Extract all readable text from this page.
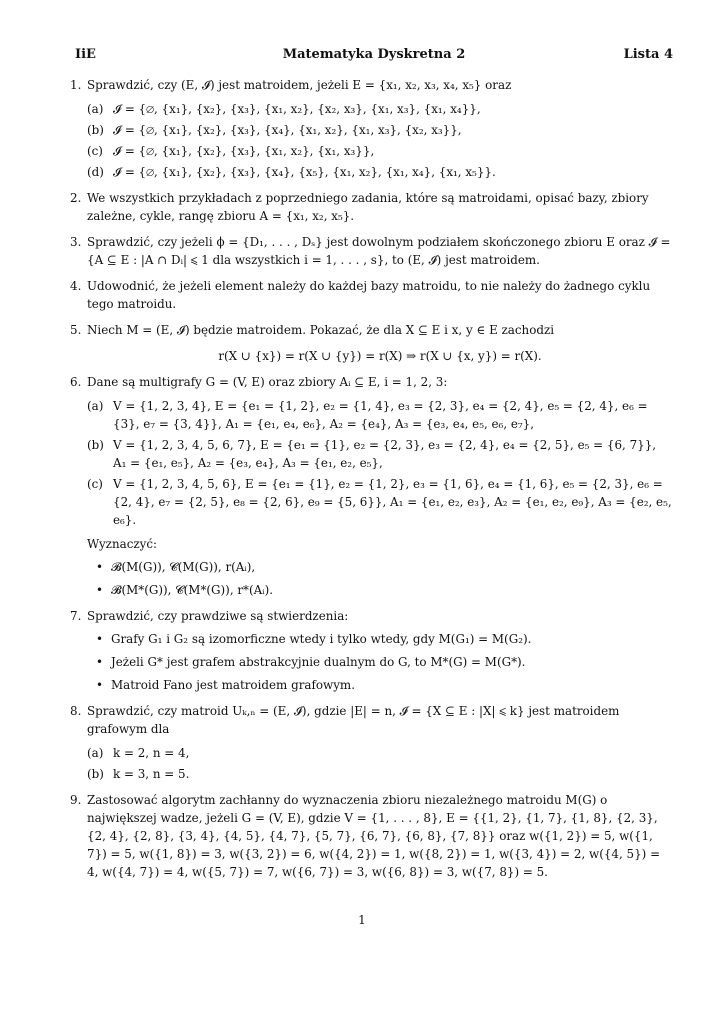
Matematyka Dyskretna 2
IiE	Lista 4
1. Sprawdzić, czy (E, 𝓘) jest matroidem, jeżeli E = {x₁, x₂, x₃, x₄, x₅} oraz
(a) 𝓘 = {∅, {x₁}, {x₂}, {x₃}, {x₁, x₂}, {x₂, x₃}, {x₁, x₃}, {x₁, x₄}},
(b) 𝓘 = {∅, {x₁}, {x₂}, {x₃}, {x₄}, {x₁, x₂}, {x₁, x₃}, {x₂, x₃}},
(c) 𝓘 = {∅, {x₁}, {x₂}, {x₃}, {x₁, x₂}, {x₁, x₃}},
(d) 𝓘 = {∅, {x₁}, {x₂}, {x₃}, {x₄}, {x₅}, {x₁, x₂}, {x₁, x₄}, {x₁, x₅}}.
2. We wszystkich przykładach z poprzedniego zadania, które są matroidami, opisać bazy, zbiory zależne, cykle, rangę zbioru A = {x₁, x₂, x₅}.
3. Sprawdzić, czy jeżeli ϕ = {D₁, . . . , Dₛ} jest dowolnym podziałem skończonego zbioru E oraz 𝓘 = {A ⊆ E : |A ∩ Dᵢ| ⩽ 1 dla wszystkich i = 1, . . . , s}, to (E, 𝓘) jest matroidem.
4. Udowodnić, że jeżeli element należy do każdej bazy matroidu, to nie należy do żadnego cyklu tego matroidu.
5. Niech M = (E, 𝓘) będzie matroidem. Pokazać, że dla X ⊆ E i x, y ∈ E zachodzi
r(X ∪ {x}) = r(X ∪ {y}) = r(X) ⇒ r(X ∪ {x, y}) = r(X).
6. Dane są multigrafy G = (V, E) oraz zbiory Aᵢ ⊆ E, i = 1, 2, 3:
(a) V = {1, 2, 3, 4}, E = {e₁ = {1, 2}, e₂ = {1, 4}, e₃ = {2, 3}, e₄ = {2, 4}, e₅ = {2, 4}, e₆ = {3}, e₇ = {3, 4}}, A₁ = {e₁, e₄, e₆}, A₂ = {e₄}, A₃ = {e₃, e₄, e₅, e₆, e₇},
(b) V = {1, 2, 3, 4, 5, 6, 7}, E = {e₁ = {1}, e₂ = {2, 3}, e₃ = {2, 4}, e₄ = {2, 5}, e₅ = {6, 7}}, A₁ = {e₁, e₅}, A₂ = {e₃, e₄}, A₃ = {e₁, e₂, e₅},
(c) V = {1, 2, 3, 4, 5, 6}, E = {e₁ = {1}, e₂ = {1, 2}, e₃ = {1, 6}, e₄ = {1, 6}, e₅ = {2, 3}, e₆ = {2, 4}, e₇ = {2, 5}, e₈ = {2, 6}, e₉ = {5, 6}}, A₁ = {e₁, e₂, e₃}, A₂ = {e₁, e₂, e₉}, A₃ = {e₂, e₅, e₆}.
Wyznaczyć:
• 𝓑(M(G)), 𝓒(M(G)), r(Aᵢ),
• 𝓑(M*(G)), 𝓒(M*(G)), r*(Aᵢ).
7. Sprawdzić, czy prawdziwe są stwierdzenia:
• Grafy G₁ i G₂ są izomorficzne wtedy i tylko wtedy, gdy M(G₁) = M(G₂).
• Jeżeli G* jest grafem abstrakcyjnie dualnym do G, to M*(G) = M(G*).
• Matroid Fano jest matroidem grafowym.
8. Sprawdzić, czy matroid Uₖ,ₙ = (E, 𝓘), gdzie |E| = n, 𝓘 = {X ⊆ E : |X| ⩽ k} jest matroidem grafowym dla
(a) k = 2, n = 4,
(b) k = 3, n = 5.
9. Zastosować algorytm zachłanny do wyznaczenia zbioru niezależnego matroidu M(G) o największej wadze, jeżeli G = (V, E), gdzie V = {1, . . . , 8}, E = {{1, 2}, {1, 7}, {1, 8}, {2, 3}, {2, 4}, {2, 8}, {3, 4}, {4, 5}, {4, 7}, {5, 7}, {6, 7}, {6, 8}, {7, 8}} oraz w({1, 2}) = 5, w({1, 7}) = 5, w({1, 8}) = 3, w({3, 2}) = 6, w({4, 2}) = 1, w({8, 2}) = 1, w({3, 4}) = 2, w({4, 5}) = 4, w({4, 7}) = 4, w({5, 7}) = 7, w({6, 7}) = 3, w({6, 8}) = 3, w({7, 8}) = 5.
1
